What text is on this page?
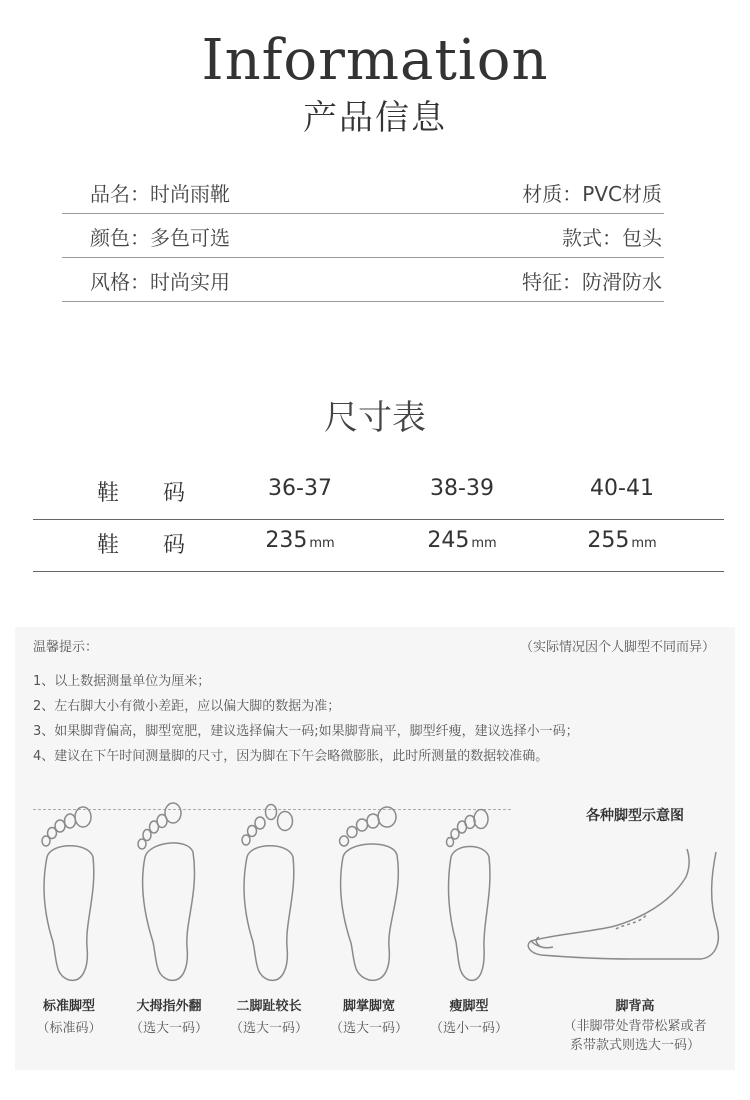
Information
产品信息
品名：时尚雨靴	材质：PVC材质
颜色：多色可选	款式：包头
风格：时尚实用	特征：防滑防水
尺寸表
鞋 码	36-37	38-39	40-41
鞋 码	235 mm	245 mm	255 mm
温馨提示：	（实际情况因个人脚型不同而异）
1、以上数据测量单位为厘米；
2、左右脚大小有微小差距，应以偏大脚的数据为准；
3、如果脚背偏高，脚型宽肥，建议选择偏大一码;如果脚背扁平，脚型纤瘦，建议选择小一码；
4、建议在下午时间测量脚的尺寸，因为脚在下午会略微膨胀，此时所测量的数据较准确。
标准脚型
（标准码）
大拇指外翻
（选大一码）
二脚趾较长
（选大一码）
脚掌脚宽
（选大一码）
瘦脚型
（选小一码）
各种脚型示意图
脚背高
（非脚带处背带松紧或者
系带款式则选大一码）
